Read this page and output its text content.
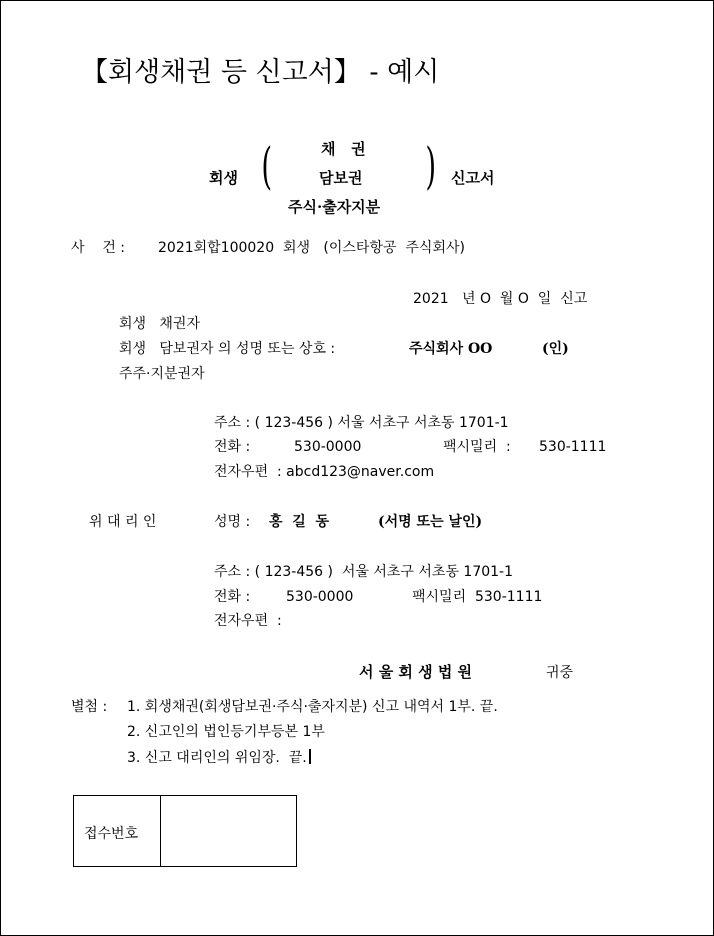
【회생채권 등 신고서】 - 예시
회생 (	채   권
담보권
주식·출자지분
) 신고서
사    건 : 2021회합100020  회생   (이스타항공  주식회사)
2021   년 O  월 O  일  신고
회생   채권자
회생   담보권자 의 성명 또는 상호 :	주식회사 OO	(인)
주주·지분권자
주소 : ( 123-456 ) 서울 서초구 서초동 1701-1
전화 :	530-0000	팩시밀리  : 530-1111
전자우편  : abcd123@naver.com
위 대 리 인	성명 : 홍  길  동	(서명 또는 날인)
주소 : ( 123-456 )  서울 서초구 서초동 1701-1
전화 :	530-0000	팩시밀리  530-1111
전자우편  :
서 울 회 생 법 원	귀중
별첨 : 1. 회생채권(회생담보권·주식·출자지분) 신고 내역서 1부. 끝.
2. 신고인의 법인등기부등본 1부
3. 신고 대리인의 위임장.  끝.
접수번호
